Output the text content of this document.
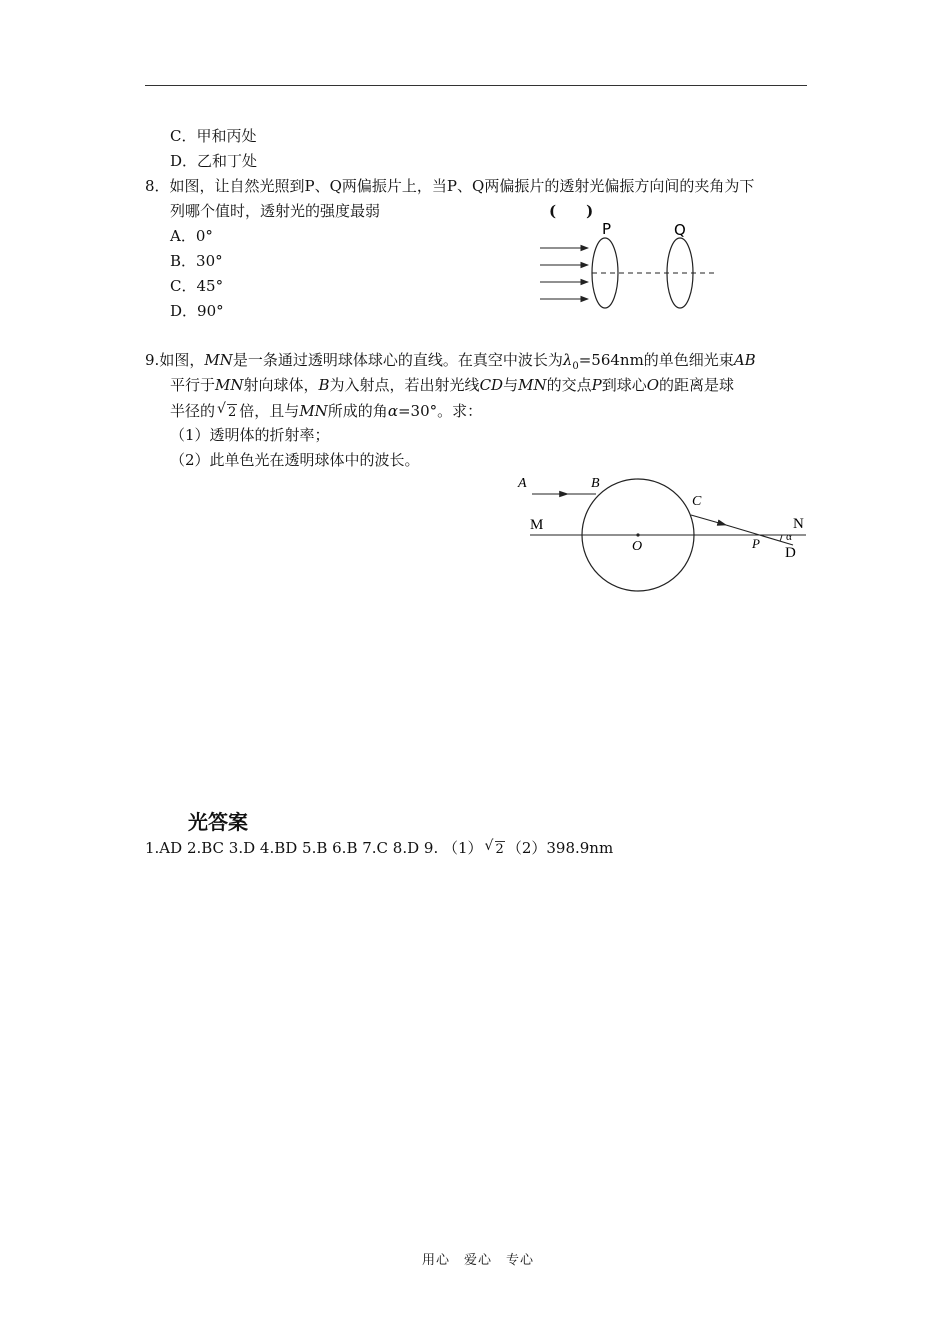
C．甲和丙处
D．乙和丁处
8．如图，让自然光照到P、Q两偏振片上，当P、Q两偏振片的透射光偏振方向间的夹角为下
列哪个值时，透射光的强度最弱	(　　)
A．0°
B．30°
C．45°
D．90°
P	Q
9.如图，MN是一条通过透明球体球心的直线。在真空中波长为$\lambda_0=564nm$的单色细光束AB
平行于MN射向球体，B为入射点，若出射光线CD与MN的交点P到球心O的距离是球
半径的 √ 2 倍，且与MN所成的角α=30°。求：
（1）透明体的折射率；
（2）此单色光在透明球体中的波长。
A	B
C
M	N
O	P α
D
光答案
1.AD 2.BC 3.D 4.BD 5.B 6.B 7.C 8.D 9. （1） √ 2 （2）398.9nm
用心　爱心　专心
